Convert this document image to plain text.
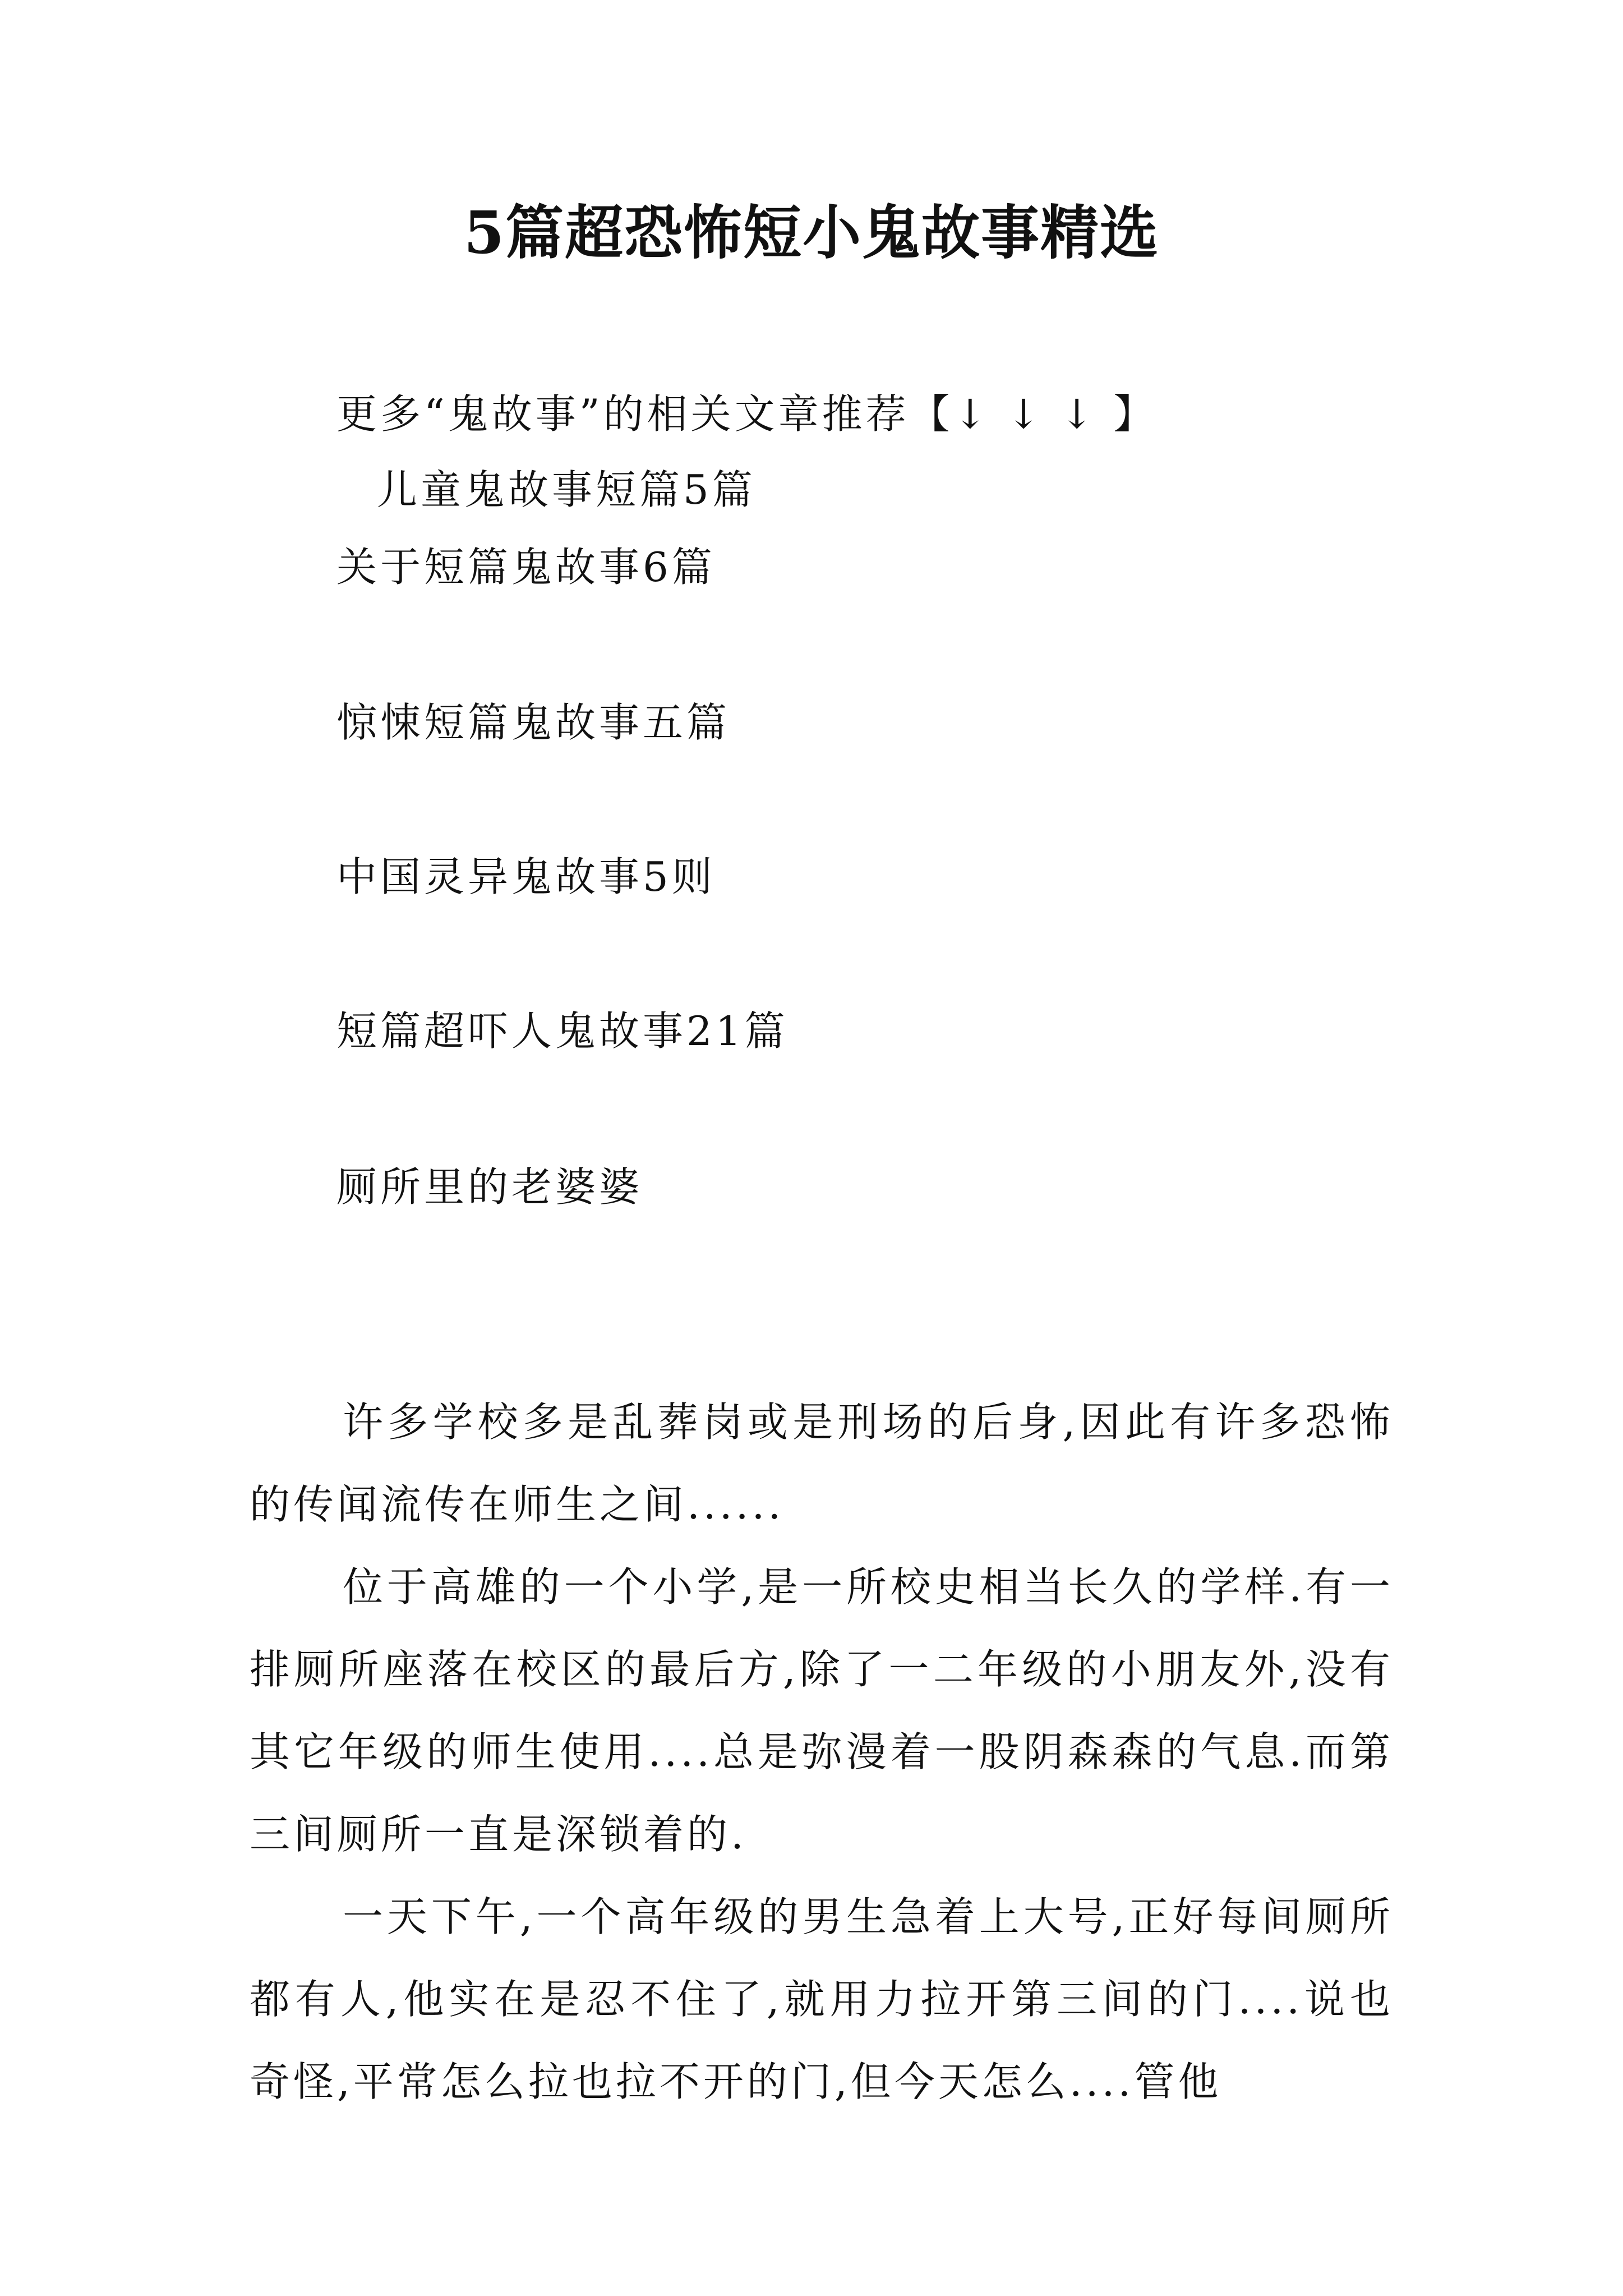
5篇超恐怖短小鬼故事精选
更多“鬼故事”的相关文章推荐【↓ ↓ ↓ 】
儿童鬼故事短篇5篇
关于短篇鬼故事6篇
惊悚短篇鬼故事五篇
中国灵异鬼故事5则
短篇超吓人鬼故事21篇
厕所里的老婆婆

许多学校多是乱葬岗或是刑场的后身,因此有许多恐怖的传闻流传在师生之间......

位于高雄的一个小学,是一所校史相当长久的学样.有一排厕所座落在校区的最后方,除了一二年级的小朋友外,没有其它年级的师生使用....总是弥漫着一股阴森森的气息.而第三间厕所一直是深锁着的.

一天下午,一个高年级的男生急着上大号,正好每间厕所都有人,他实在是忍不住了,就用力拉开第三间的门....说也奇怪,平常怎么拉也拉不开的门,但今天怎么....管他
